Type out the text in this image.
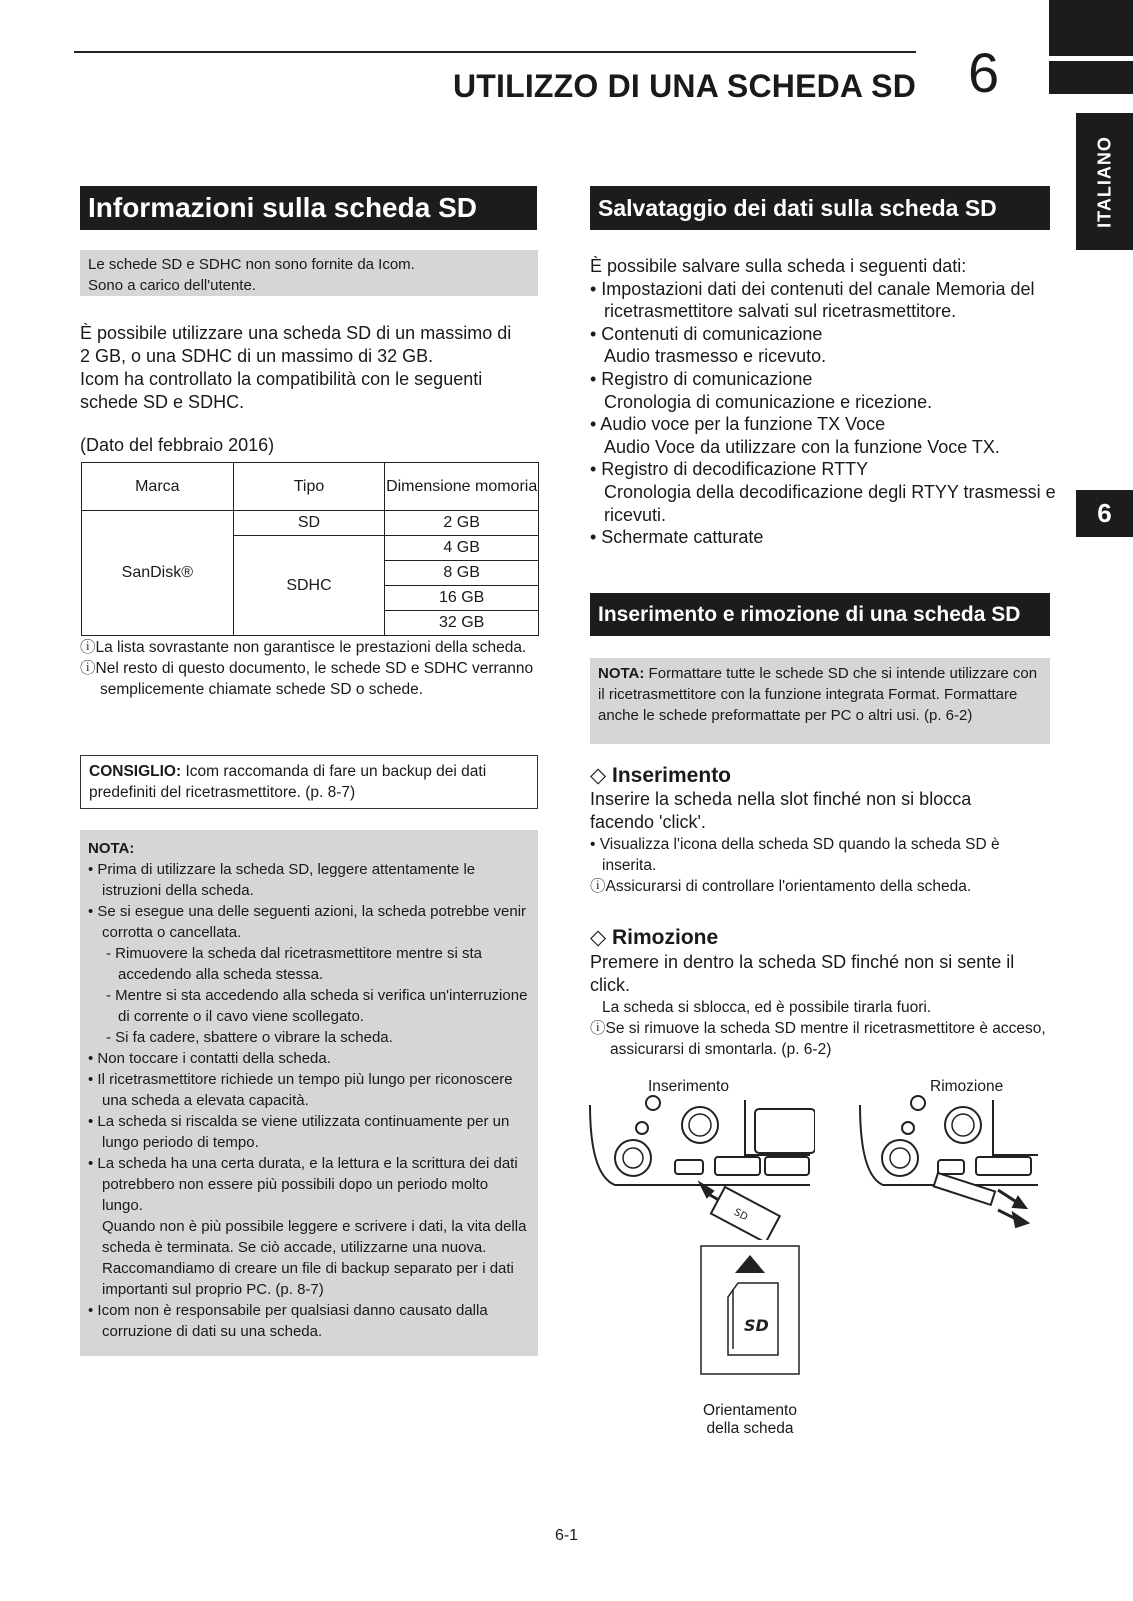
UTILIZZO DI UNA SCHEDA SD 6
ITALIANO
6
Informazioni sulla scheda SD
Le schede SD e SDHC non sono fornite da Icom.
Sono a carico dell'utente.
È possibile utilizzare una scheda SD di un massimo di
2 GB, o una SDHC di un massimo di 32 GB.
Icom ha controllato la compatibilità con le seguenti
schede SD e SDHC.
(Dato del febbraio 2016)
Marca	Tipo	Dimensione momoria
SanDisk®	SD	2 GB
	SDHC	4 GB
		8 GB
		16 GB
		32 GB
ⓘLa lista sovrastante non garantisce le prestazioni della scheda.
ⓘNel resto di questo documento, le schede SD e SDHC verranno semplicemente chiamate schede SD o schede.
CONSIGLIO: Icom raccomanda di fare un backup dei dati predefiniti del ricetrasmettitore. (p. 8-7)
NOTA:
• Prima di utilizzare la scheda SD, leggere attentamente le istruzioni della scheda.
• Se si esegue una delle seguenti azioni, la scheda potrebbe venir corrotta o cancellata.
- Rimuovere la scheda dal ricetrasmettitore mentre si sta accedendo alla scheda stessa.
- Mentre si sta accedendo alla scheda si verifica un'interruzione di corrente o il cavo viene scollegato.
- Si fa cadere, sbattere o vibrare la scheda.
• Non toccare i contatti della scheda.
• Il ricetrasmettitore richiede un tempo più lungo per riconoscere una scheda a elevata capacità.
• La scheda si riscalda se viene utilizzata continuamente per un lungo periodo di tempo.
• La scheda ha una certa durata, e la lettura e la scrittura dei dati potrebbero non essere più possibili dopo un periodo molto lungo.
Quando non è più possibile leggere e scrivere i dati, la vita della scheda è terminata. Se ciò accade, utilizzarne una nuova.
Raccomandiamo di creare un file di backup separato per i dati importanti sul proprio PC. (p. 8-7)
• Icom non è responsabile per qualsiasi danno causato dalla corruzione di dati su una scheda.
Salvataggio dei dati sulla scheda SD
È possibile salvare sulla scheda i seguenti dati:
• Impostazioni dati dei contenuti del canale Memoria del ricetrasmettitore salvati sul ricetrasmettitore.
• Contenuti di comunicazione
Audio trasmesso e ricevuto.
• Registro di comunicazione
Cronologia di comunicazione e ricezione.
• Audio voce per la funzione TX Voce
Audio Voce da utilizzare con la funzione Voce TX.
• Registro di decodificazione RTTY
Cronologia della decodificazione degli RTYY trasmessi e ricevuti.
• Schermate catturate
Inserimento e rimozione di una scheda SD
NOTA: Formattare tutte le schede SD che si intende utilizzare con il ricetrasmettitore con la funzione integrata Format. Formattare anche le schede preformattate per PC o altri usi. (p. 6-2)
◇ Inserimento
Inserire la scheda nella slot finché non si blocca facendo 'click'.
• Visualizza l'icona della scheda SD quando la scheda SD è inserita.
ⓘAssicurarsi di controllare l'orientamento della scheda.
◇ Rimozione
Premere in dentro la scheda SD finché non si sente il click.
La scheda si sblocca, ed è possibile tirarla fuori.
ⓘSe si rimuove la scheda SD mentre il ricetrasmettitore è acceso, assicurarsi di smontarla. (p. 6-2)
Inserimento	Rimozione
SD
SD
Orientamento
della scheda
6-1
